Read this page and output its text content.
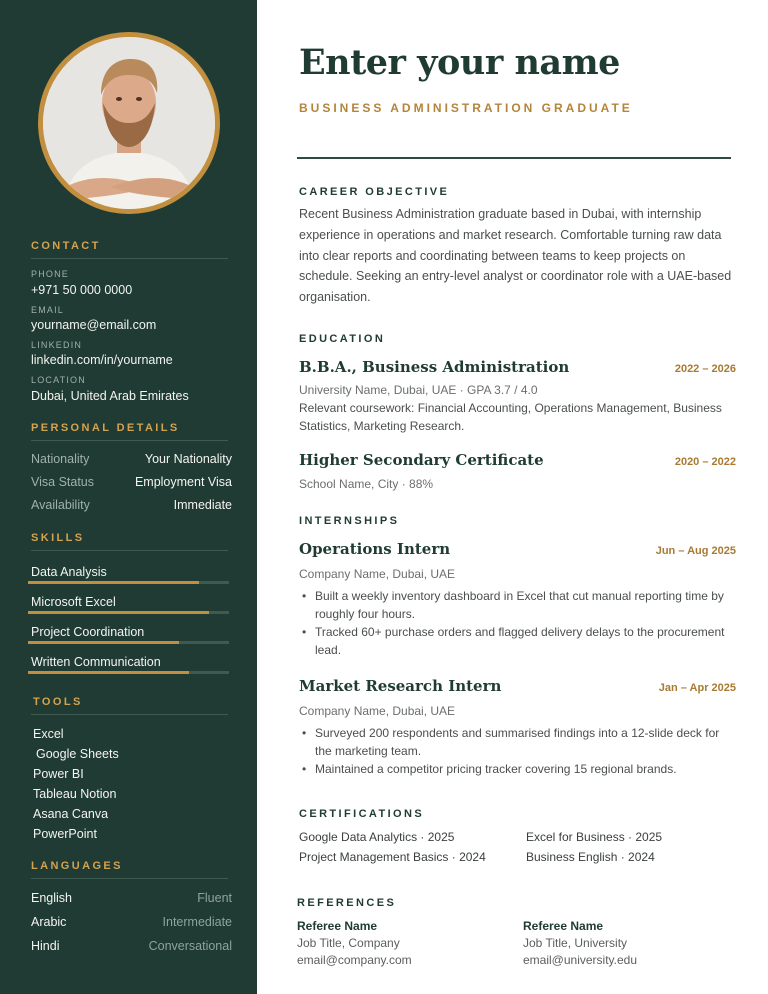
CONTACT
PHONE
+971 50 000 0000
EMAIL
yourname@email.com
LINKEDIN
linkedin.com/in/yourname
LOCATION
Dubai, United Arab Emirates
PERSONAL DETAILS
Nationality	Your Nationality
Visa Status	Employment Visa
Availability	Immediate
SKILLS
Data Analysis
Microsoft Excel
Project Coordination
Written Communication
TOOLS
Excel
Google Sheets
Power BI
Tableau Notion
Asana Canva
PowerPoint
LANGUAGES
English	Fluent
Arabic	Intermediate
Hindi	Conversational
Enter your name
BUSINESS ADMINISTRATION GRADUATE
CAREER OBJECTIVE

Recent Business Administration graduate based in Dubai, with internship experience in operations and market research. Comfortable turning raw data into clear reports and coordinating between teams to keep projects on schedule. Seeking an entry-level analyst or coordinator role with a UAE-based organisation.

EDUCATION
B.B.A., Business Administration	2022 – 2026
University Name, Dubai, UAE · GPA 3.7 / 4.0
Relevant coursework: Financial Accounting, Operations Management, Business Statistics, Marketing Research.
Higher Secondary Certificate	2020 – 2022
School Name, City · 88%
INTERNSHIPS
Operations Intern	Jun – Aug 2025
Company Name, Dubai, UAE
• Built a weekly inventory dashboard in Excel that cut manual reporting time by roughly four hours.
• Tracked 60+ purchase orders and flagged delivery delays to the procurement lead.
Market Research Intern	Jan – Apr 2025
Company Name, Dubai, UAE
• Surveyed 200 respondents and summarised findings into a 12-slide deck for the marketing team.
• Maintained a competitor pricing tracker covering 15 regional brands.
CERTIFICATIONS
Google Data Analytics · 2025	Excel for Business · 2025
Project Management Basics · 2024	Business English · 2024
REFERENCES
Referee Name
Job Title, Company
email@company.com
Referee Name
Job Title, University
email@university.edu
